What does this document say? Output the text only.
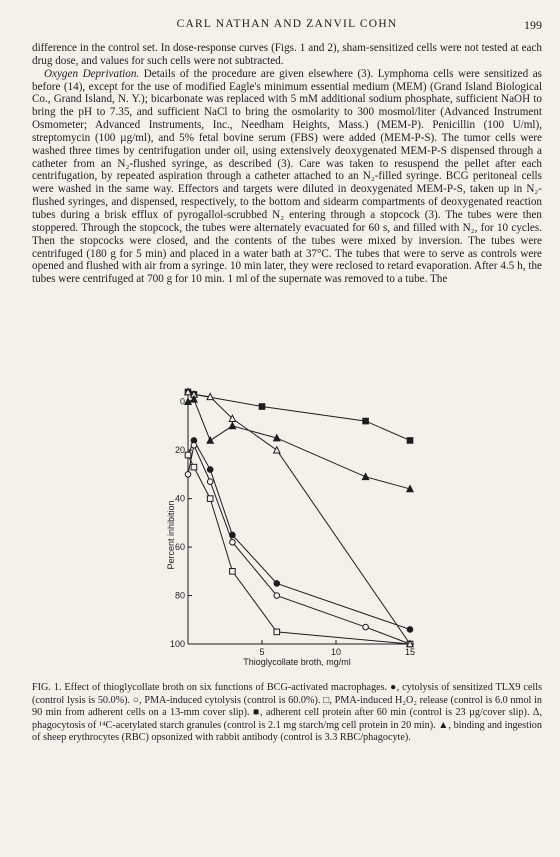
CARL NATHAN AND ZANVIL COHN	199

difference in the control set. In dose-response curves (Figs. 1 and 2), sham-sensitized cells were not tested at each drug dose, and values for such cells were not subtracted.

Oxygen Deprivation. Details of the procedure are given elsewhere (3). Lymphoma cells were sensitized as before (14), except for the use of modified Eagle's minimum essential medium (MEM) (Grand Island Biological Co., Grand Island, N. Y.); bicarbonate was replaced with 5 mM additional sodium phosphate, sufficient NaOH to bring the pH to 7.35, and sufficient NaCl to bring the osmolarity to 300 mosmol/liter (Advanced Instrument Osmometer; Advanced Instruments, Inc., Needham Heights, Mass.) (MEM-P). Penicillin (100 U/ml), streptomycin (100 µg/ml), and 5% fetal bovine serum (FBS) were added (MEM-P-S). The tumor cells were washed three times by centrifugation under oil, using extensively deoxygenated MEM-P-S dispensed through a catheter from an N₂-flushed syringe, as described (3). Care was taken to resuspend the pellet after each centrifugation, by repeated aspiration through a catheter attached to an N₂-filled syringe. BCG peritoneal cells were washed in the same way. Effectors and targets were diluted in deoxygenated MEM-P-S, taken up in N₂-flushed syringes, and dispensed, respectively, to the bottom and sidearm compartments of deoxygenated reaction tubes during a brisk efflux of pyrogallol-scrubbed N₂ entering through a stopcock (3). The tubes were then stoppered. Through the stopcock, the tubes were alternately evacuated for 60 s, and filled with N₂, for 10 cycles. Then the stopcocks were closed, and the contents of the tubes were mixed by inversion. The tubes were centrifuged (180 g for 5 min) and placed in a water bath at 37°C. The tubes that were to serve as controls were opened and flushed with air from a syringe. 10 min later, they were reclosed to retard evaporation. After 4.5 h, the tubes were centrifuged at 700 g for 10 min. 1 ml of the supernate was removed to a tube. The

0
20
40
60
80
100
5	10	15
Percent inhibition
Thioglycollate broth, mg/ml
FIG. 1. Effect of thioglycollate broth on six functions of BCG-activated macrophages. ●, cytolysis of sensitized TLX9 cells (control lysis is 50.0%). ○, PMA-induced cytolysis (control is 60.0%). □, PMA-induced H₂O₂ release (control is 6.0 nmol in 90 min from adherent cells on a 13-mm cover slip). ■, adherent cell protein after 60 min (control is 23 µg/cover slip). Δ, phagocytosis of ¹⁴C-acetylated starch granules (control is 2.1 mg starch/mg cell protein in 20 min). ▲, binding and ingestion of sheep erythrocytes (RBC) opsonized with rabbit antibody (control is 3.3 RBC/phagocyte).
